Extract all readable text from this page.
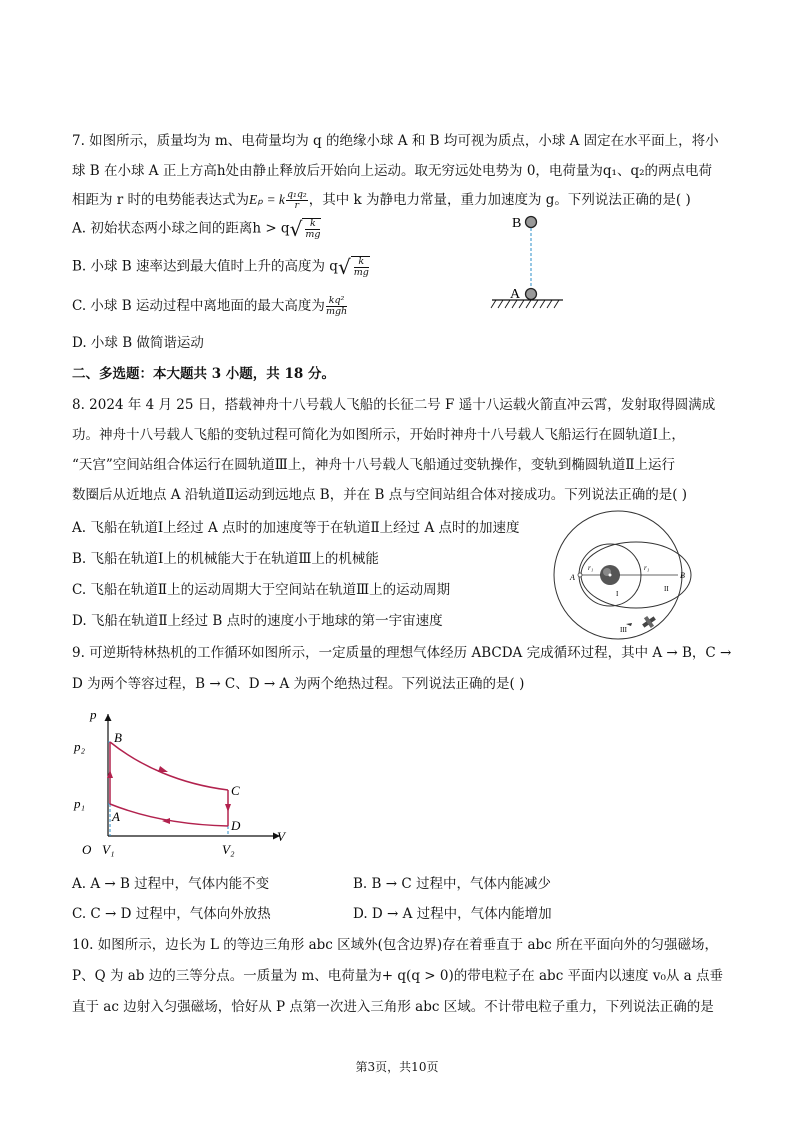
7. 如图所示，质量均为 m、电荷量均为 q 的绝缘小球 A 和 B 均可视为质点，小球 A 固定在水平面上，将小
球 B 在小球 A 正上方高h处由静止释放后开始向上运动。取无穷远处电势为 0，电荷量为q₁、q₂的两点电荷
相距为 r 时的电势能表达式为Eₚ = k $\frac{\text{q₁q₂}}{r}$ ，其中 k 为静电力常量，重力加速度为 g。下列说法正确的是( )
A. 初始状态两小球之间的距离$h > q√ \frac{k}{mg}$
B. 小球 B 速率达到最大值时上升的高度为 $q√ \frac{k}{mg}$
C. 小球 B 运动过程中离地面的最大高度为 $\frac{\text{kq²}}{\text{mgh}}$
D. 小球 B 做简谐运动
B
A
二、多选题：本大题共 3 小题，共 18 分。
8. 2024 年 4 月 25 日，搭载神舟十八号载人飞船的长征二号 F 遥十八运载火箭直冲云霄，发射取得圆满成
功。神舟十八号载人飞船的变轨过程可简化为如图所示，开始时神舟十八号载人飞船运行在圆轨道Ⅰ上，
“天宫”空间站组合体运行在圆轨道Ⅲ上，神舟十八号载人飞船通过变轨操作，变轨到椭圆轨道Ⅱ上运行
数圈后从近地点 A 沿轨道Ⅱ运动到远地点 B，并在 B 点与空间站组合体对接成功。下列说法正确的是( )
A. 飞船在轨道Ⅰ上经过 A 点时的加速度等于在轨道Ⅱ上经过 A 点时的加速度
B. 飞船在轨道Ⅰ上的机械能大于在轨道Ⅲ上的机械能
C. 飞船在轨道Ⅱ上的运动周期大于空间站在轨道Ⅲ上的运动周期
D. 飞船在轨道Ⅱ上经过 B 点时的速度小于地球的第一宇宙速度
A	B
r₁	r₁
I
II
III
9. 可逆斯特林热机的工作循环如图所示，一定质量的理想气体经历 ABCDA 完成循环过程，其中 A → B，C →
D 为两个等容过程，B → C、D → A 为两个绝热过程。下列说法正确的是( )
p
V
O
p₂
p₁
V₁	V₂
A
B
C
D
A. A → B 过程中，气体内能不变	B. B → C 过程中，气体内能减少
C. C → D 过程中，气体向外放热	D. D → A 过程中，气体内能增加
10. 如图所示，边长为 L 的等边三角形 abc 区域外(包含边界)存在着垂直于 abc 所在平面向外的匀强磁场，
P、Q 为 ab 边的三等分点。一质量为 m、电荷量为+ q(q > 0)的带电粒子在 abc 平面内以速度 v₀从 a 点垂
直于 ac 边射入匀强磁场，恰好从 P 点第一次进入三角形 abc 区域。不计带电粒子重力，下列说法正确的是
第3页，共10页
